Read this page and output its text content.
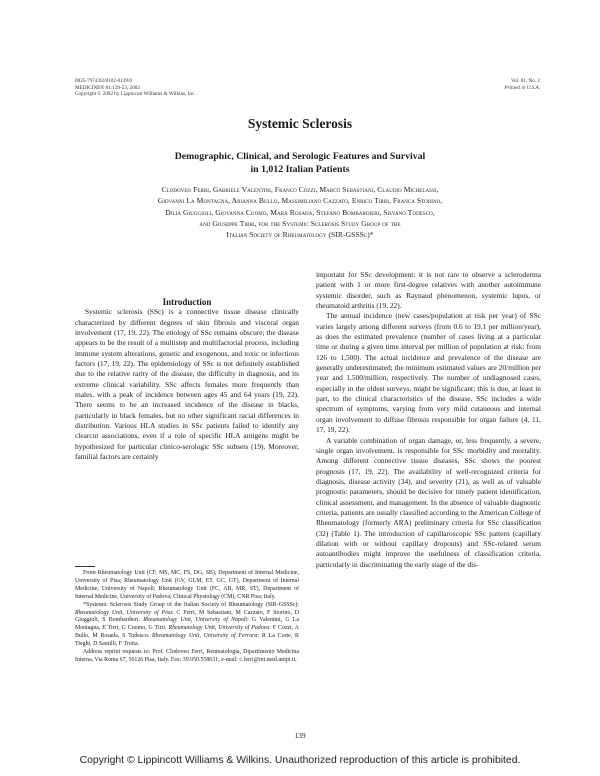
0025-7974/02/8102-0139/0
MEDICINE® 81:139-53, 2002
Copyright © 2002 by Lippincott Williams & Wilkins, Inc.
Vol. 81, No. 2
Printed in U.S.A.
Systemic Sclerosis
Demographic, Clinical, and Serologic Features and Survival
in 1,012 Italian Patients
Clodoveo Ferri, Gabriele Valentini, Franco Cozzi, Marco Sebastiani, Claudio Michelassi,
Giovanni La Montagna, Arianna Bullo, Massimiliano Cazzato, Enrico Tirri, Franca Storino,
Dilia Giuggioli, Giovanna Cuomo, Mara Rosada, Stefano Bombardieri, Silvano Todesco,
and Giuseppe Tirri, for the Systemic Sclerosis Study Group of the
Italian Society of Rheumatology (SIR-GSSSc)*

Introduction

Systemic sclerosis (SSc) is a connective tissue disease clinically characterized by different degrees of skin fibrosis and visceral organ involvement (17, 19, 22). The etiology of SSc remains obscure; the disease appears to be the result of a multistep and multifactorial process, including immune system alterations, genetic and exogenous, and toxic or infectious factors (17, 19, 22). The epidemiology of SSc is not definitely established due to the relative rarity of the disease, the difficulty in diagnosis, and its extreme clinical variability. SSc affects females more frequently than males, with a peak of incidence between ages 45 and 64 years (19, 22). There seems to be an increased incidence of the disease in blacks, particularly in black females, but no other significant racial differences in distribution. Various HLA studies in SSc patients failed to identify any clearcut associations, even if a role of specific HLA antigens might be hypothesized for particular clinico-serologic SSc subsets (19). Moreover, familial factors are certainly

From Rheumatology Unit (CF, MS, MC, FS, DG, SB), Department of Internal Medicine, University of Pisa; Rheumatology Unit (GV, GLM, ET, GC, GT), Department of Internal Medicine, University of Napoli; Rheumatology Unit (FC, AB, MR, ST), Department of Internal Medicine, University of Padova; Clinical Physiology (CM), CNR Pisa; Italy.

*Systemic Sclerosis Study Group of the Italian Society of Rheumatology (SIR-GSSSc): Rheumatology Unit, University of Pisa: C Ferri, M Sebastiani, M Cazzato, F Storino, D Giuggioli, S Bombardieri. Rheumatology Unit, University of Napoli: G Valentini, G La Montagna, E Tirri, G Cuomo, G Tirri. Rheumatology Unit, University of Padova: F Cozzi, A Bullo, M Rosada, S Todesco. Rheumatology Unit, University of Ferrara: R La Corte, R Tieghi, D Santilli, F Trotta.

Address reprint requests to: Prof. Clodoveo Ferri, Reumatologia, Dipartimento Medicina Interna, Via Roma 67, 56126 Pisa, Italy. Fax: 39.050.558631; e-mail: c.ferri@int.med.unipi.it.

important for SSc development: it is not rare to observe a scleroderma patient with 1 or more first-degree relatives with another autoimmune systemic disorder, such as Raynaud phenomenon, systemic lupus, or rheumatoid arthritis (19, 22).

The annual incidence (new cases/population at risk per year) of SSc varies largely among different surveys (from 0.6 to 19.1 per million/year), as does the estimated prevalence (number of cases living at a particular time or during a given time interval per million of population at risk: from 126 to 1,500). The actual incidence and prevalence of the disease are generally underestimated; the minimum estimated values are 20/million per year and 1,500/million, respectively. The number of undiagnosed cases, especially in the oldest surveys, might be significant; this is due, at least in part, to the clinical characteristics of the disease. SSc includes a wide spectrum of symptoms, varying from very mild cutaneous and internal organ involvement to diffuse fibrosis responsible for organ failure (4, 11, 17, 19, 22).

A variable combination of organ damage, or, less frequently, a severe, single organ involvement, is responsible for SSc morbidity and mortality. Among different connective tissue diseases, SSc shows the poorest prognosis (17, 19, 22). The availability of well-recognized criteria for diagnosis, disease activity (34), and severity (21), as well as of valuable prognostic parameters, should be decisive for timely patient identification, clinical assessment, and management. In the absence of valuable diagnostic criteria, patients are usually classified according to the American College of Rheumatology (formerly ARA) preliminary criteria for SSc classification (32) (Table 1). The introduction of capillaroscopic SSc pattern (capillary dilation with or without capillary dropouts) and SSc-related serum autoantibodies might improve the usefulness of classification criteria, particularly in discriminating the early stage of the dis-

139
Copyright © Lippincott Williams & Wilkins. Unauthorized reproduction of this article is prohibited.
